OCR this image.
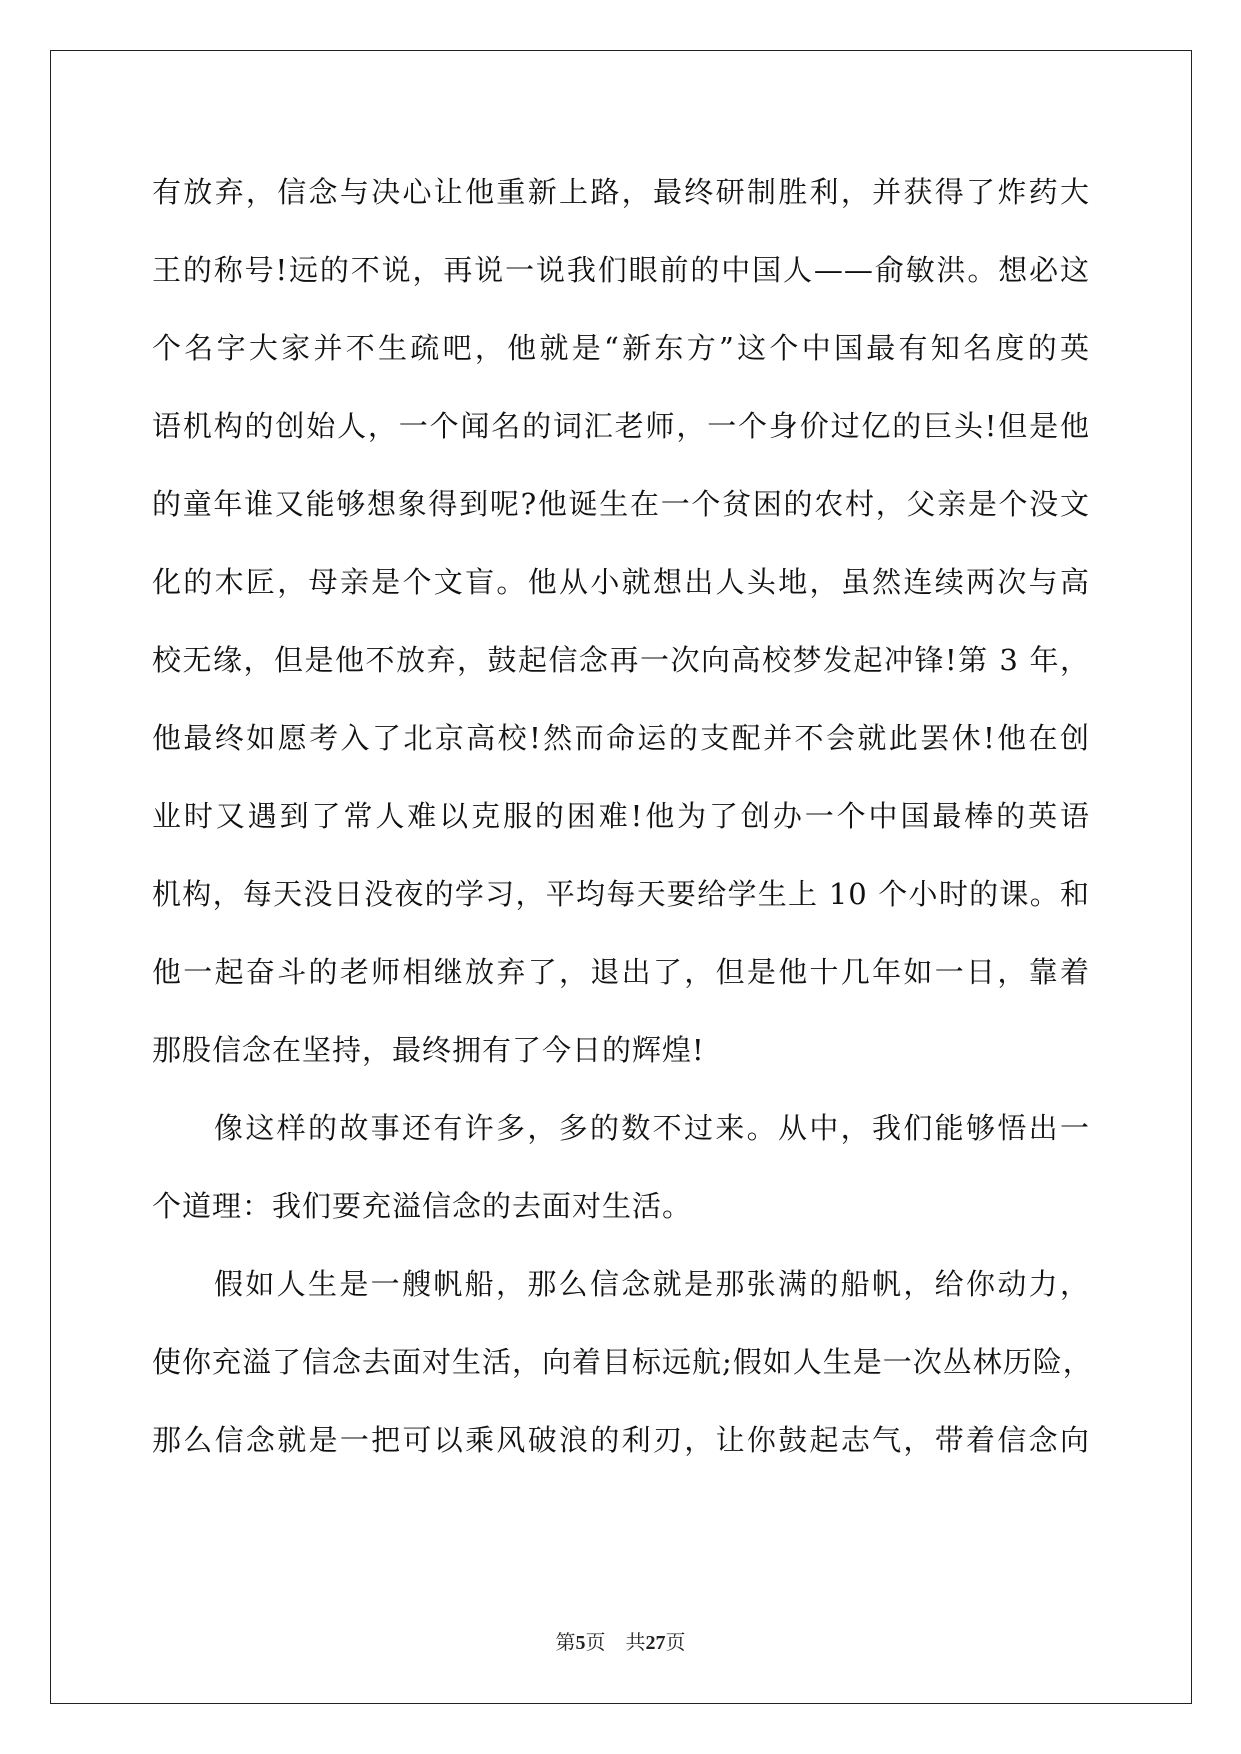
有放弃，信念与决心让他重新上路，最终研制胜利，并获得了炸药大
王的称号!远的不说，再说一说我们眼前的中国人——俞敏洪。想必这
个名字大家并不生疏吧，他就是“新东方”这个中国最有知名度的英
语机构的创始人，一个闻名的词汇老师，一个身价过亿的巨头!但是他
的童年谁又能够想象得到呢?他诞生在一个贫困的农村，父亲是个没文
化的木匠，母亲是个文盲。他从小就想出人头地，虽然连续两次与高
校无缘，但是他不放弃，鼓起信念再一次向高校梦发起冲锋!第 3 年，
他最终如愿考入了北京高校!然而命运的支配并不会就此罢休!他在创
业时又遇到了常人难以克服的困难!他为了创办一个中国最棒的英语
机构，每天没日没夜的学习，平均每天要给学生上 10 个小时的课。和
他一起奋斗的老师相继放弃了，退出了，但是他十几年如一日，靠着
那股信念在坚持，最终拥有了今日的辉煌!
像这样的故事还有许多，多的数不过来。从中，我们能够悟出一
个道理：我们要充溢信念的去面对生活。
假如人生是一艘帆船，那么信念就是那张满的船帆，给你动力，
使你充溢了信念去面对生活，向着目标远航;假如人生是一次丛林历险，
那么信念就是一把可以乘风破浪的利刃，让你鼓起志气，带着信念向
第5页 共27页
